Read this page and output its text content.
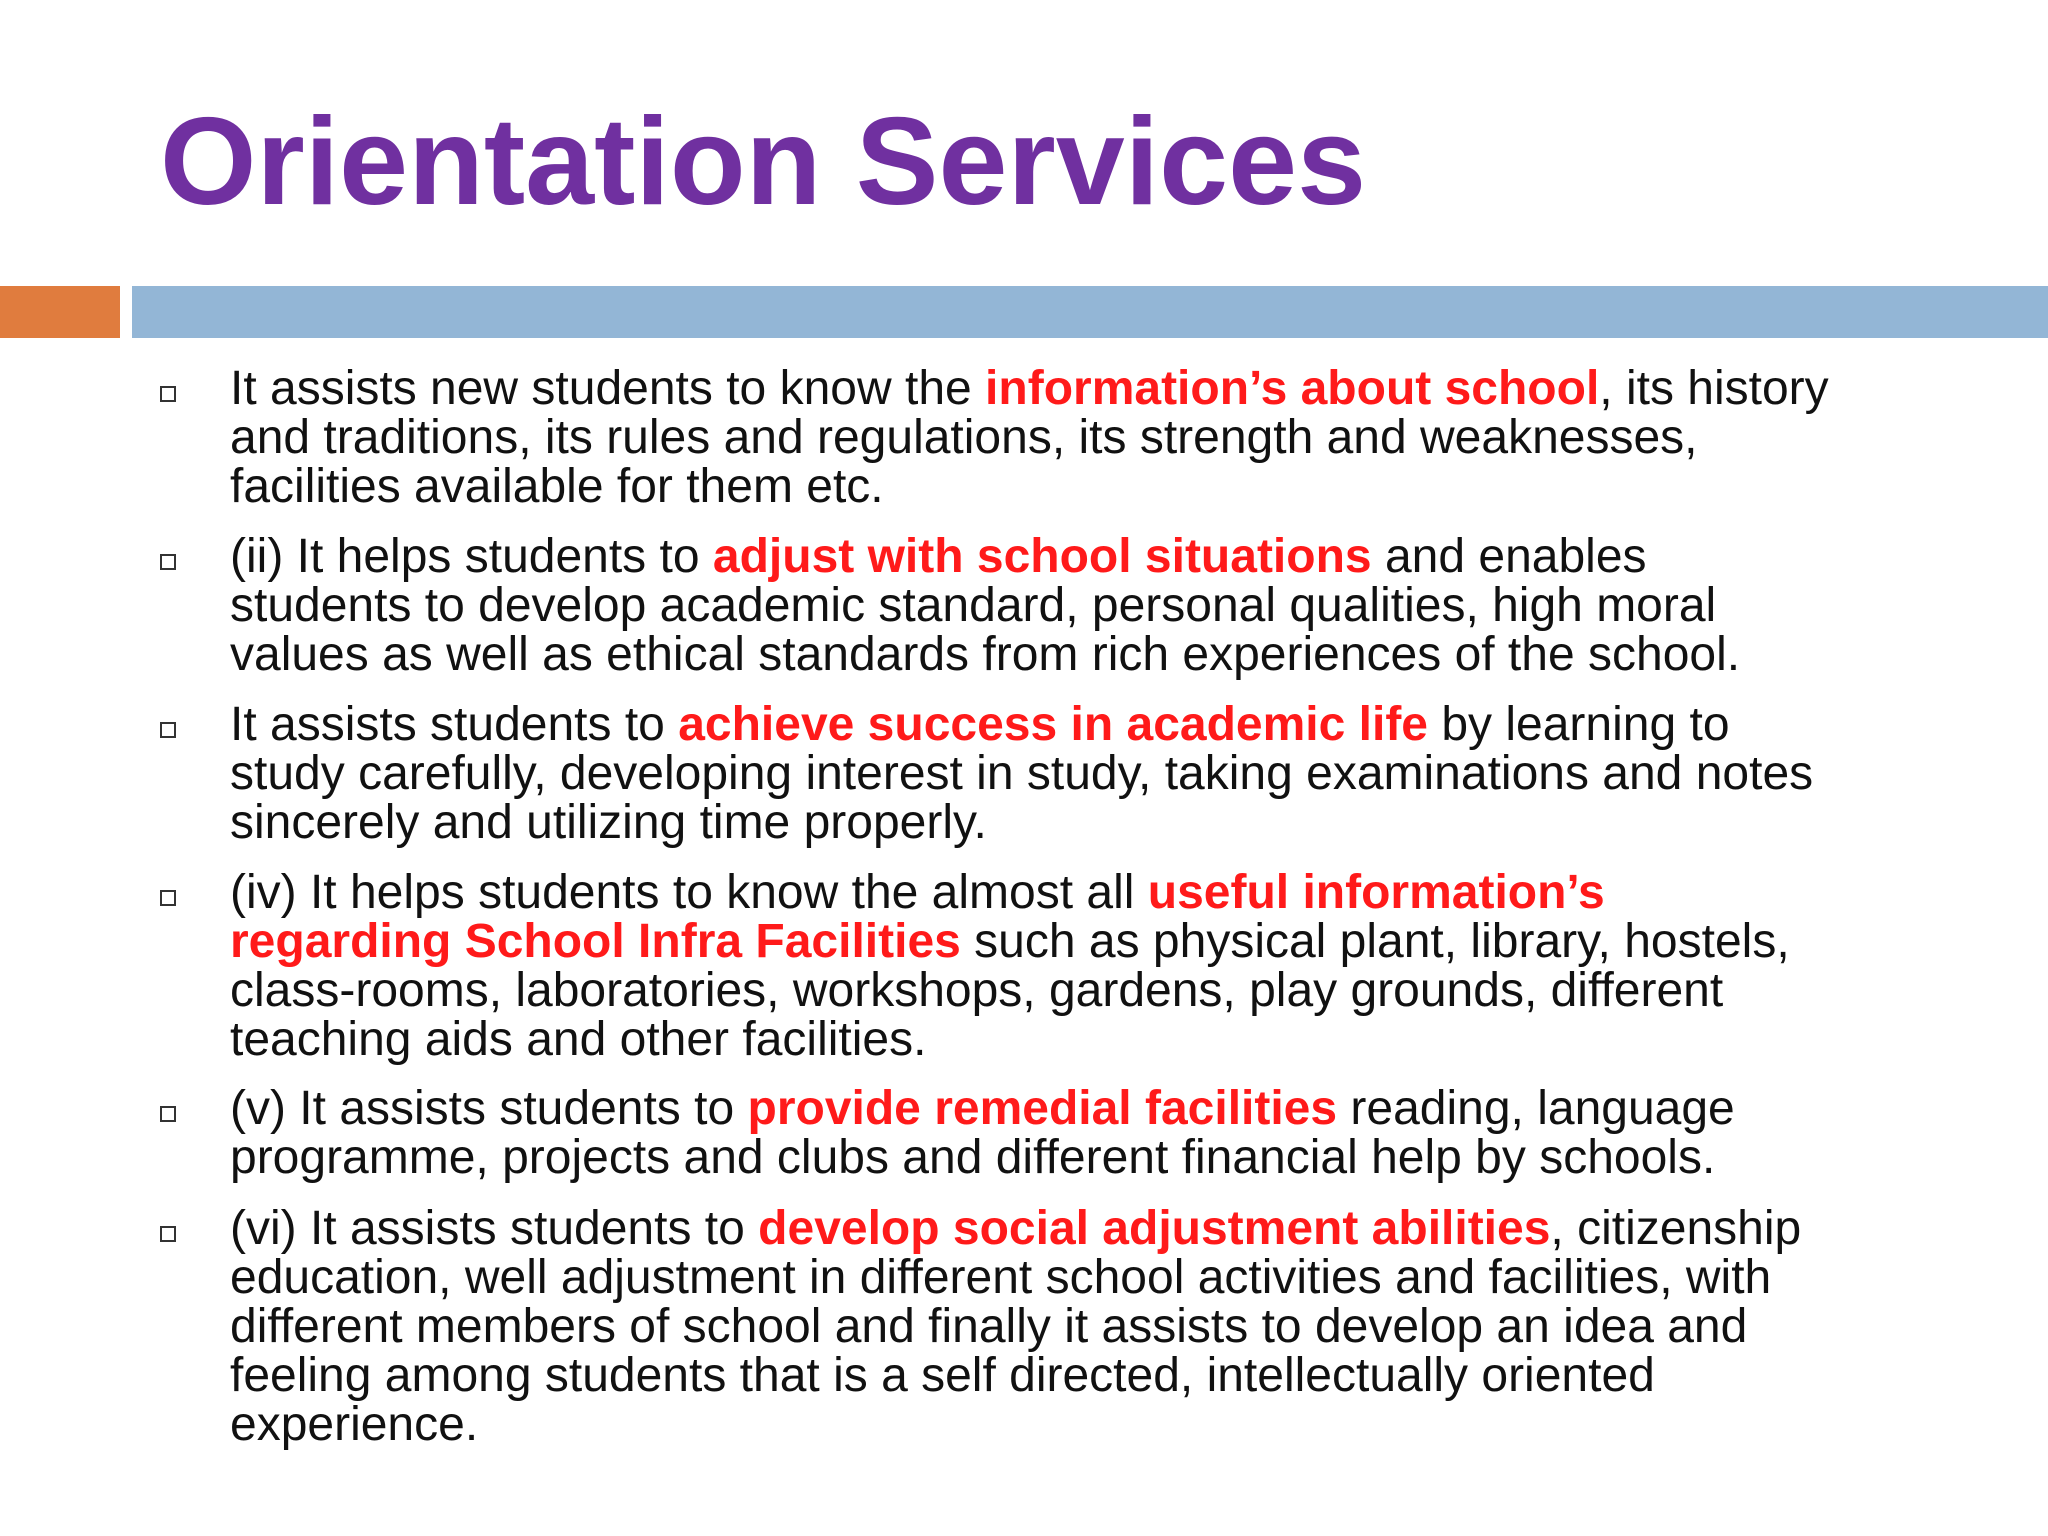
Orientation Services
It assists new students to know the information’s about school, its history
and traditions, its rules and regulations, its strength and weaknesses,
facilities available for them etc.
(ii) It helps students to adjust with school situations and enables
students to develop academic standard, personal qualities, high moral
values as well as ethical standards from rich experiences of the school.
It assists students to achieve success in academic life by learning to
study carefully, developing interest in study, taking examinations and notes
sincerely and utilizing time properly.
(iv) It helps students to know the almost all useful information’s
regarding School Infra Facilities such as physical plant, library, hostels,
class-rooms, laboratories, workshops, gardens, play grounds, different
teaching aids and other facilities.
(v) It assists students to provide remedial facilities reading, language
programme, projects and clubs and different financial help by schools.
(vi) It assists students to develop social adjustment abilities, citizenship
education, well adjustment in different school activities and facilities, with
different members of school and finally it assists to develop an idea and
feeling among students that is a self directed, intellectually oriented
experience.
